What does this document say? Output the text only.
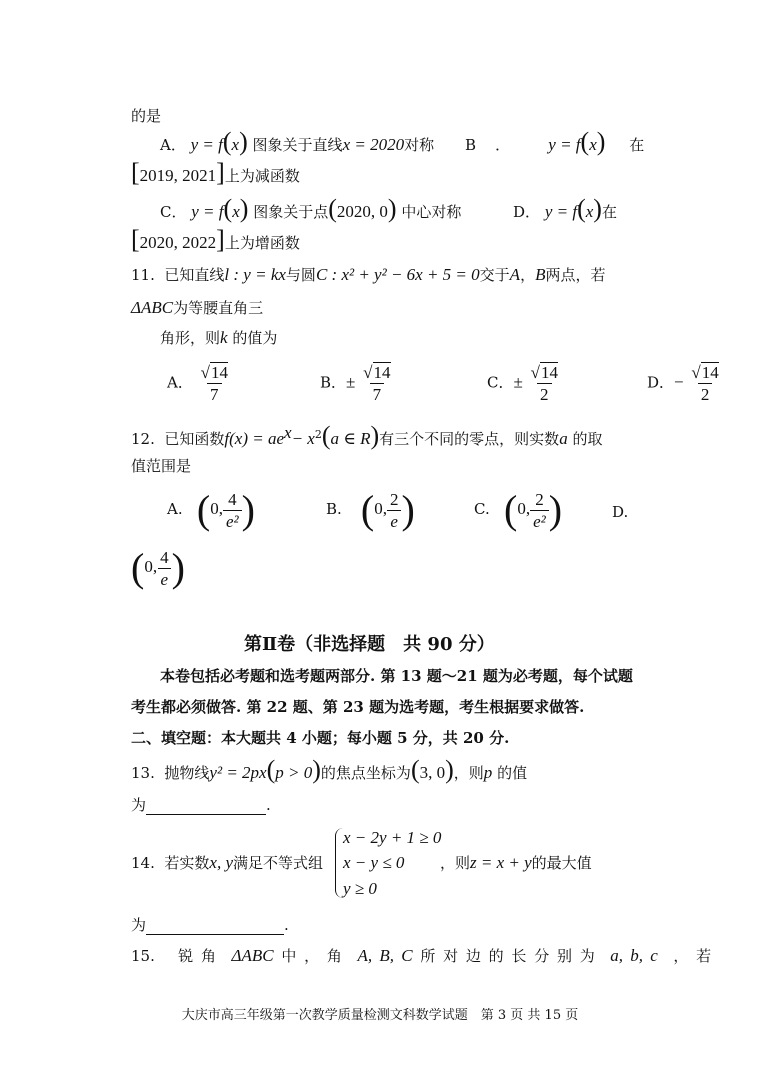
的是
A． y = f(x) 图象关于直线x = 2020对称 B ． y = f(x) 在
[2019, 2021]上为减函数
C． y = f(x) 图象关于点(2020, 0) 中心对称	D． y = f(x)在
[2020, 2022]上为增函数
11. 已知直线l : y = kx与圆C : x² + y² − 6x + 5 = 0交于A，B两点，若
ΔABC为等腰直角三
角形，则k 的值为
A． $\frac{√14}{7}$	B．± $\frac{√14}{7}$	C．± $\frac{√14}{2}$	D．− $\frac{√14}{2}$
12. 已知函数$f(x) = ae^x- x^2(a$ ∈ R)有三个不同的零点，则实数a 的取
值范围是
A. (0, $\frac{4}{\text{e²}}$ )	B. (0, $\frac{2}{e}$ )	C. (0, $\frac{2}{\text{e²}}$ )	D.
(0, $\frac{4}{e}$ )
第Ⅱ卷（非选择题　共 90 分）
本卷包括必考题和选考题两部分. 第 13 题～21 题为必考题，每个试题
考生都必须做答. 第 22 题、第 23 题为选考题，考生根据要求做答.
二、填空题：本大题共 4 小题；每小题 5 分，共 20 分.
13. 抛物线y² = 2px(p > 0)的焦点坐标为(3, 0)，则p 的值
为	.
14. 若实数x, y满足不等式组
x − 2y + 1 ≥ 0
x − y ≤ 0
y ≥ 0
，则z = x + y的最大值
为	.
15. 锐 角 ΔABC 中 ， 角 A, B, C 所 对 边 的 长 分 别 为 a, b, c ， 若
大庆市高三年级第一次教学质量检测文科数学试题　第 3 页 共 15 页
